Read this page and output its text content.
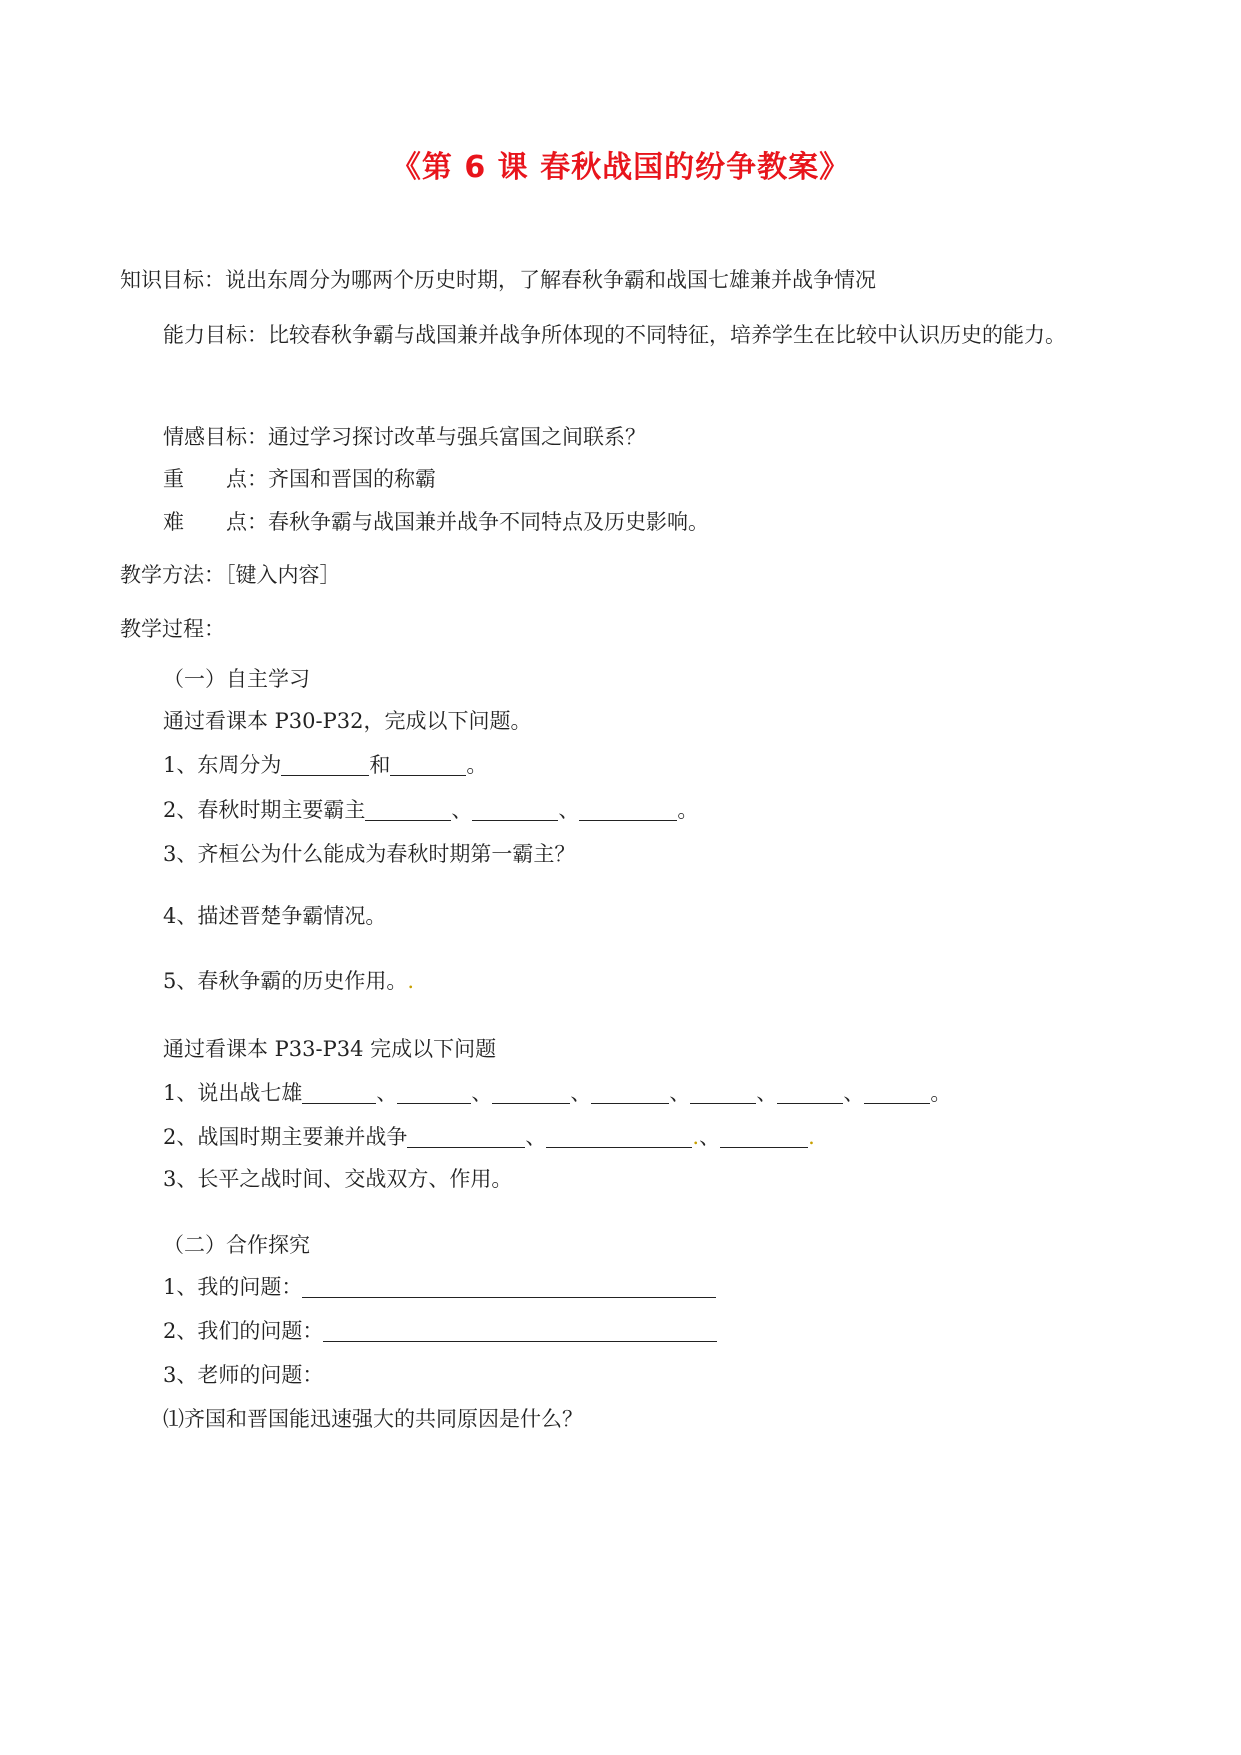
《第 6 课 春秋战国的纷争教案》
知识目标：说出东周分为哪两个历史时期，了解春秋争霸和战国七雄兼并战争情况
能力目标：比较春秋争霸与战国兼并战争所体现的不同特征，培养学生在比较中认识历史的能力。
情感目标：通过学习探讨改革与强兵富国之间联系？
重 点：齐国和晋国的称霸
难 点：春秋争霸与战国兼并战争不同特点及历史影响。
教学方法：［键入内容］
教学过程：
（一）自主学习
通过看课本 P30-P32，完成以下问题。
1、东周分为	和	。
2、春秋时期主要霸主	、	、	。
3、齐桓公为什么能成为春秋时期第一霸主？
4、描述晋楚争霸情况。
5、春秋争霸的历史作用。.
通过看课本 P33-P34 完成以下问题
1、说出战七雄	、	、	、	、	、	、	。
2、战国时期主要兼并战争	、	.、	.
3、长平之战时间、交战双方、作用。
（二）合作探究
1、我的问题：
2、我们的问题：
3、老师的问题：
⑴齐国和晋国能迅速强大的共同原因是什么？
